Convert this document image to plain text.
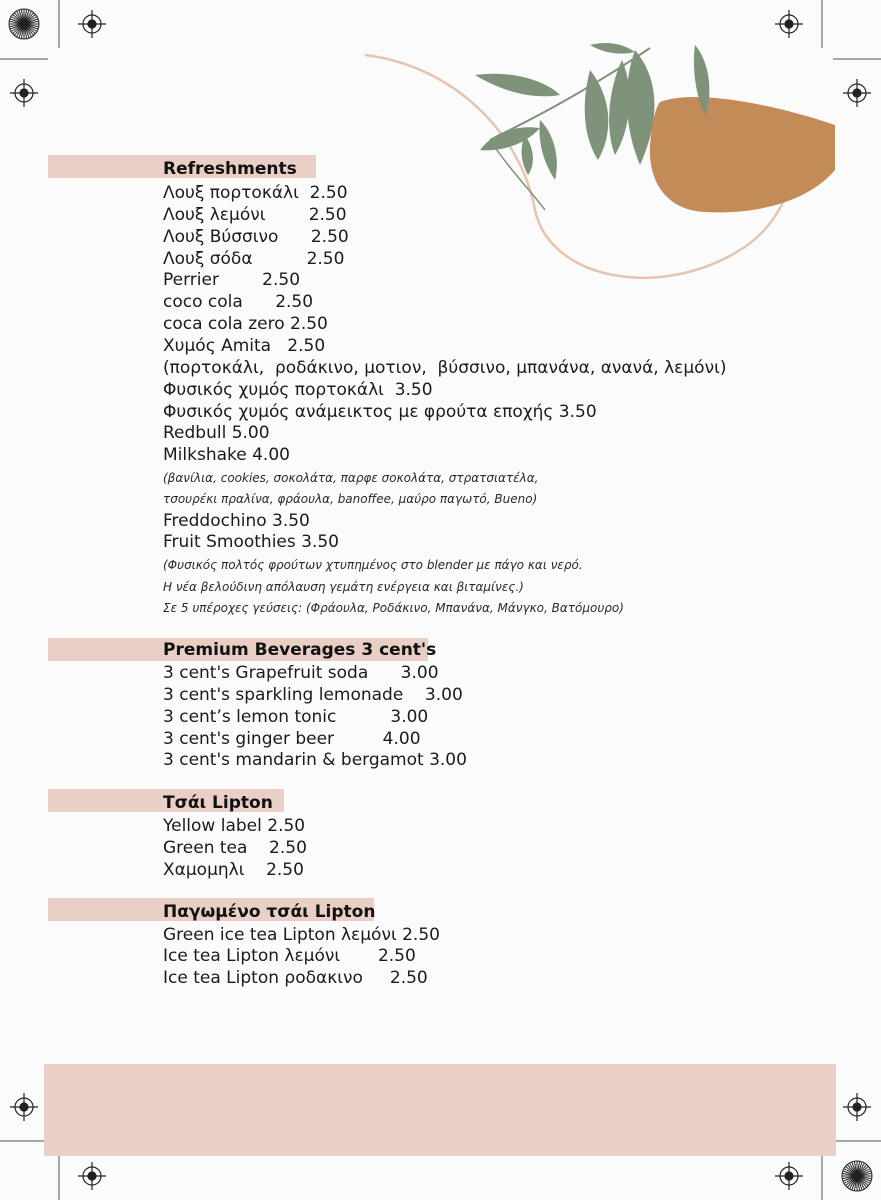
Refreshments
Λουξ πορτοκάλι  2.50
Λουξ λεμόνι        2.50
Λουξ Βύσσινο      2.50
Λουξ σόδα          2.50
Perrier        2.50
coco cola      2.50
coca cola zero 2.50
Χυμός Amita   2.50
(πορτοκάλι,  ροδάκινο, μοτιον,  βύσσινο, μπανάνα, ανανά, λεμόνι)
Φυσικός χυμός πορτοκάλι  3.50
Φυσικός χυμός ανάμεικτος με φρούτα εποχής 3.50
Redbull 5.00
Milkshake 4.00
(βανίλια, cookies, σοκολάτα, παρφε σοκολάτα, στρατσιατέλα,
τσουρέκι πραλίνα, φράουλα, banoffee, μαύρο παγωτό, Bueno)
Freddochino 3.50
Fruit Smoothies 3.50
(Φυσικός πολτός φρούτων χτυπημένος στο blender με πάγο και νερό.
Η νέα βελούδινη απόλαυση γεμάτη ενέργεια και βιταμίνες.)
Σε 5 υπέροχες γεύσεις: (Φράουλα, Ροδάκινο, Μπανάνα, Μάνγκο, Βατόμουρο)
Premium Beverages 3 cent's
3 cent's Grapefruit soda      3.00
3 cent's sparkling lemonade    3.00
3 cent’s lemon tonic          3.00
3 cent's ginger beer         4.00
3 cent's mandarin & bergamot 3.00
Τσάι Lipton
Yellow label 2.50
Green tea    2.50
Χαμομηλι    2.50
Παγωμένο τσάι Lipton
Green ice tea Lipton λεμόνι 2.50
Ice tea Lipton λεμόνι       2.50
Ice tea Lipton ροδακινο     2.50
